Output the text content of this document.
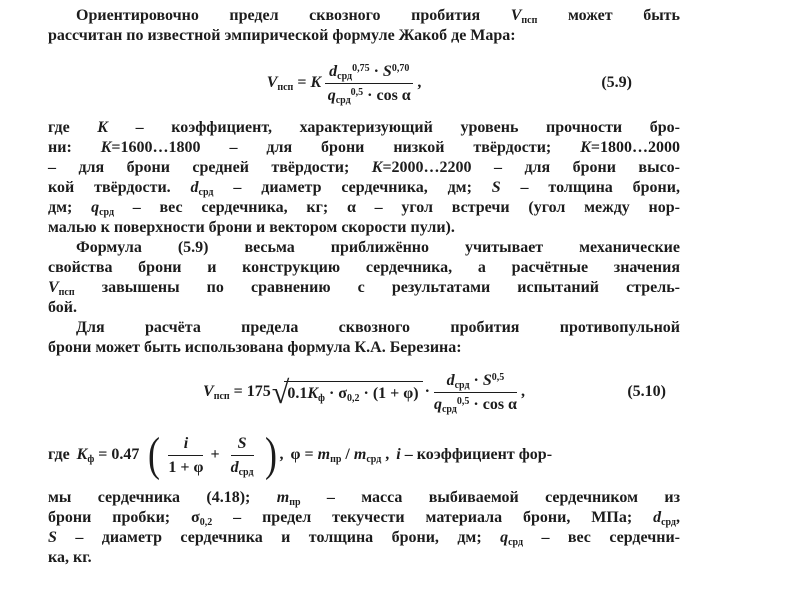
Ориентировочно предел сквозного пробития $V_{псп}$ может быть
рассчитан по известной эмпирической формуле Жакоб де Мара:
$V_{псп} = K \frac{d_{срд}^{0,75} \cdot S^{0,70}}{q_{срд}^{0,5} \cdot \cos \alpha}$ ,	(5.9)
где K – коэффициент, характеризующий уровень прочности бро-
ни: K=1600…1800 – для брони низкой твёрдости; K=1800…2000
– для брони средней твёрдости; K=2000…2200 – для брони высо-
кой твёрдости. $d_{срд}$ – диаметр сердечника, дм; S – толщина брони,
дм; $q_{срд}$ – вес сердечника, кг; α – угол встречи (угол между нор-
малью к поверхности брони и вектором скорости пули).
Формула (5.9) весьма приближённо учитывает механические
свойства брони и конструкцию сердечника, а расчётные значения
$V_{псп}$ завышены по сравнению с результатами испытаний стрель-
бой.
Для расчёта предела сквозного пробития противопульной
брони может быть использована формула К.А. Березина:
$V_{псп} = 175$ √
$0.1K_ф \cdot \sigma_{0,2} \cdot (1 + \varphi) \cdot \frac{d_{срд} \cdot S^{0,5}}{q_{срд}^{0,5} \cdot \cos \alpha}$ ,	(5.10)
где $K_ф = 0.47$ ( $\frac{i}{1 + \varphi} + \frac{S}{d_{срд}}$ ) , $\varphi = m_{пр} / m_{срд}$ , i – коэффициент фор-
мы сердечника (4.18); $m_{пр}$ – масса выбиваемой сердечником из
брони пробки; $\sigma_{0,2}$ – предел текучести материала брони, МПа; $d_{срд}$,
S – диаметр сердечника и толщина брони, дм; $q_{срд}$ – вес сердечни-
ка, кг.
